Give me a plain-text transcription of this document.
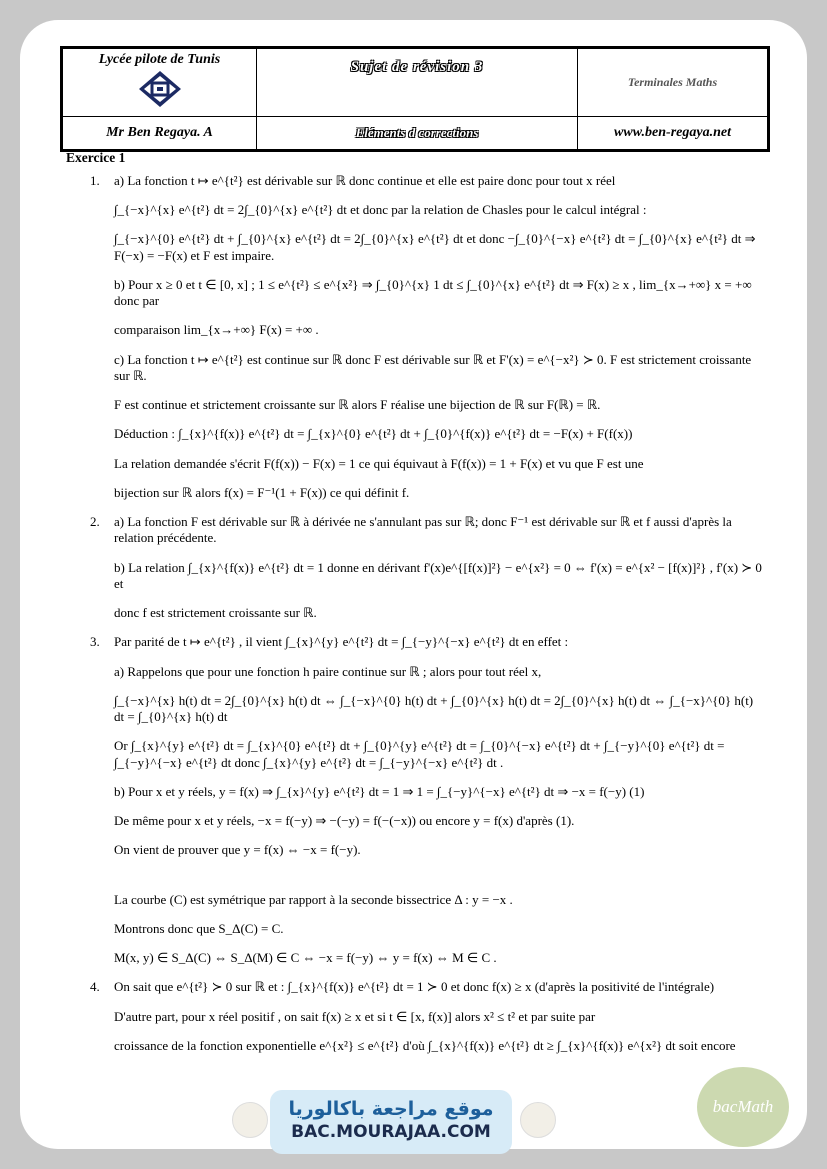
Lycée pilote de Tunis	Sujet de révision 3	Terminales Maths

Mr Ben Regaya. A	Eléments d corrections	www.ben-regaya.net
Exercice 1
1. a) La fonction t ↦ e^{t²} est dérivable sur ℝ donc continue et elle est paire donc pour tout x réel
∫_{−x}^{x} e^{t²} dt = 2∫_{0}^{x} e^{t²} dt et donc par la relation de Chasles pour le calcul intégral :
∫_{−x}^{0} e^{t²} dt + ∫_{0}^{x} e^{t²} dt = 2∫_{0}^{x} e^{t²} dt et donc −∫_{0}^{−x} e^{t²} dt = ∫_{0}^{x} e^{t²} dt ⇒ F(−x) = −F(x) et F est impaire.
b) Pour x ≥ 0 et t ∈ [0, x] ; 1 ≤ e^{t²} ≤ e^{x²} ⇒ ∫_{0}^{x} 1 dt ≤ ∫_{0}^{x} e^{t²} dt ⇒ F(x) ≥ x , lim_{x→+∞} x = +∞ donc par
comparaison lim_{x→+∞} F(x) = +∞ .
c) La fonction t ↦ e^{t²} est continue sur ℝ donc F est dérivable sur ℝ et F'(x) = e^{−x²} ≻ 0. F est strictement croissante sur ℝ.
F est continue et strictement croissante sur ℝ alors F réalise une bijection de ℝ sur F(ℝ) = ℝ.
Déduction : ∫_{x}^{f(x)} e^{t²} dt = ∫_{x}^{0} e^{t²} dt + ∫_{0}^{f(x)} e^{t²} dt = −F(x) + F(f(x))
La relation demandée s'écrit F(f(x)) − F(x) = 1 ce qui équivaut à F(f(x)) = 1 + F(x) et vu que F est une
bijection sur ℝ alors f(x) = F⁻¹(1 + F(x)) ce qui définit f.
2. a) La fonction F est dérivable sur ℝ à dérivée ne s'annulant pas sur ℝ; donc F⁻¹ est dérivable sur ℝ et f aussi d'après la relation précédente.
b) La relation ∫_{x}^{f(x)} e^{t²} dt = 1 donne en dérivant f'(x)e^{[f(x)]²} − e^{x²} = 0 ⇔ f'(x) = e^{x² − [f(x)]²} , f'(x) ≻ 0 et
donc f est strictement croissante sur ℝ.
3. Par parité de t ↦ e^{t²} , il vient ∫_{x}^{y} e^{t²} dt = ∫_{−y}^{−x} e^{t²} dt en effet :
a) Rappelons que pour une fonction h paire continue sur ℝ ; alors pour tout réel x,
∫_{−x}^{x} h(t) dt = 2∫_{0}^{x} h(t) dt ⇔ ∫_{−x}^{0} h(t) dt + ∫_{0}^{x} h(t) dt = 2∫_{0}^{x} h(t) dt ⇔ ∫_{−x}^{0} h(t) dt = ∫_{0}^{x} h(t) dt
Or ∫_{x}^{y} e^{t²} dt = ∫_{x}^{0} e^{t²} dt + ∫_{0}^{y} e^{t²} dt = ∫_{0}^{−x} e^{t²} dt + ∫_{−y}^{0} e^{t²} dt = ∫_{−y}^{−x} e^{t²} dt donc ∫_{x}^{y} e^{t²} dt = ∫_{−y}^{−x} e^{t²} dt .
b) Pour x et y réels, y = f(x) ⇒ ∫_{x}^{y} e^{t²} dt = 1 ⇒ 1 = ∫_{−y}^{−x} e^{t²} dt ⇒ −x = f(−y) (1)
De même pour x et y réels, −x = f(−y) ⇒ −(−y) = f(−(−x)) ou encore y = f(x) d'après (1).
On vient de prouver que y = f(x) ⇔ −x = f(−y).
La courbe (C) est symétrique par rapport à la seconde bissectrice Δ : y = −x .
Montrons donc que S_Δ(C) = C.
M(x, y) ∈ S_Δ(C) ⇔ S_Δ(M) ∈ C ⇔ −x = f(−y) ⇔ y = f(x) ⇔ M ∈ C .
4. On sait que e^{t²} ≻ 0 sur ℝ et : ∫_{x}^{f(x)} e^{t²} dt = 1 ≻ 0 et donc f(x) ≥ x (d'après la positivité de l'intégrale)
D'autre part, pour x réel positif , on sait f(x) ≥ x et si t ∈ [x, f(x)] alors x² ≤ t² et par suite par
croissance de la fonction exponentielle e^{x²} ≤ e^{t²} d'où ∫_{x}^{f(x)} e^{t²} dt ≥ ∫_{x}^{f(x)} e^{x²} dt soit encore
موقع مراجعة باكالوريا
BAC.MOURAJAA.COM
bacMath
